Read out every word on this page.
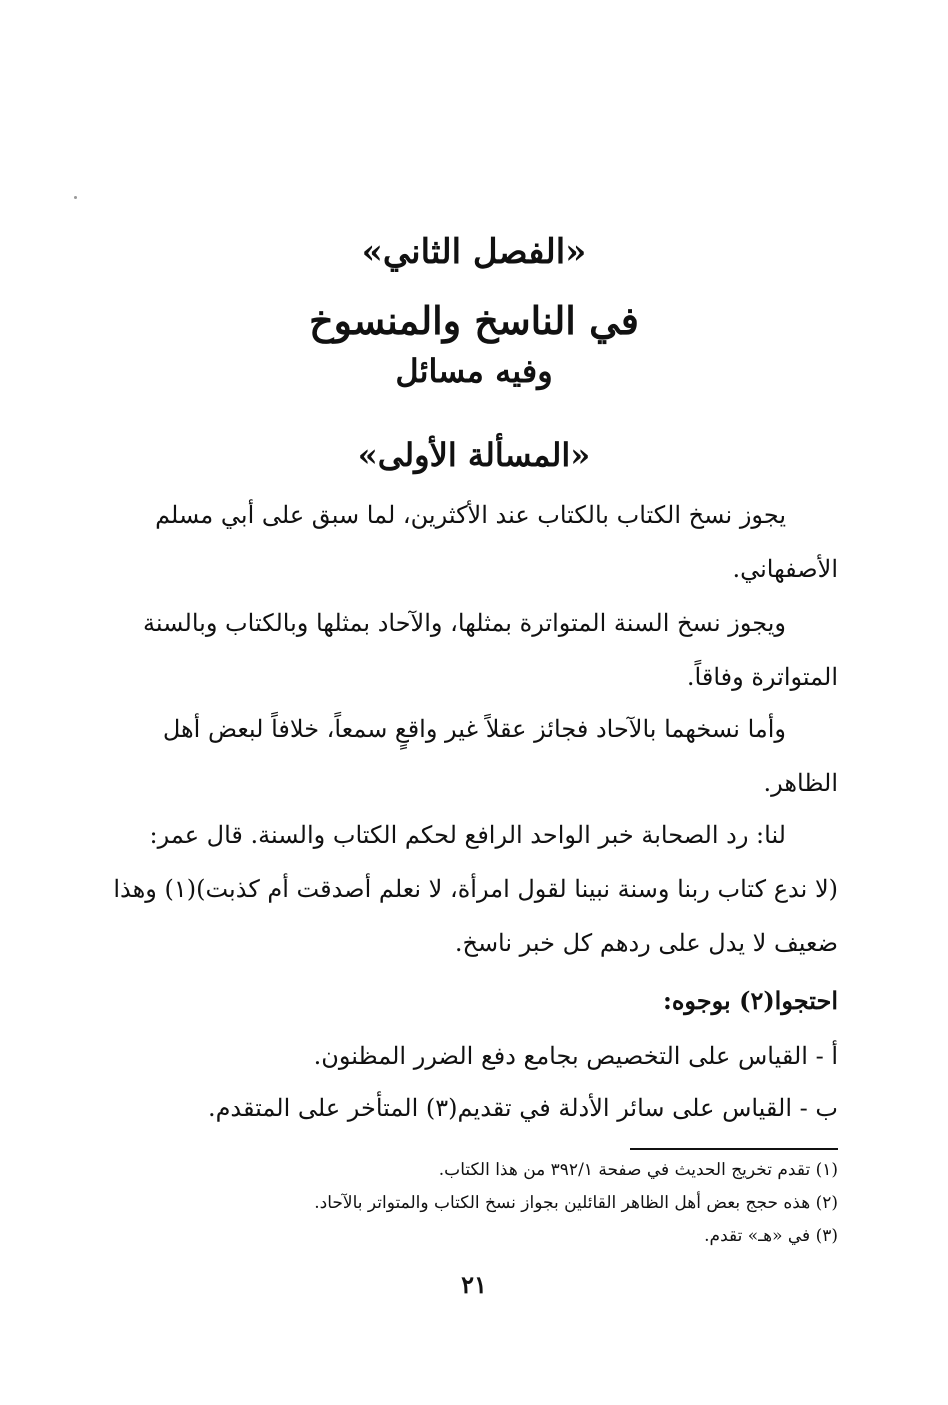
«الفصل الثاني»
في الناسخ والمنسوخ
وفيه مسائل
«المسألة الأولى»
يجوز نسخ الكتاب بالكتاب عند الأكثرين، لما سبق على أبي مسلم
الأصفهاني.
ويجوز نسخ السنة المتواترة بمثلها، والآحاد بمثلها وبالكتاب وبالسنة
المتواترة وفاقاً.
وأما نسخهما بالآحاد فجائز عقلاً غير واقعٍ سمعاً، خلافاً لبعض أهل
الظاهر.
لنا: رد الصحابة خبر الواحد الرافع لحكم الكتاب والسنة. قال عمر:
(لا ندع كتاب ربنا وسنة نبينا لقول امرأة، لا نعلم أصدقت أم كذبت)(١) وهذا
ضعيف لا يدل على ردهم كل خبر ناسخ.
احتجوا(٢) بوجوه:
أ - القياس على التخصيص بجامع دفع الضرر المظنون.
ب - القياس على سائر الأدلة في تقديم(٣) المتأخر على المتقدم.
(١) تقدم تخريج الحديث في صفحة ٣٩٢/١ من هذا الكتاب.
(٢) هذه حجج بعض أهل الظاهر القائلين بجواز نسخ الكتاب والمتواتر بالآحاد.
(٣) في «هـ» تقدم.
٢١
